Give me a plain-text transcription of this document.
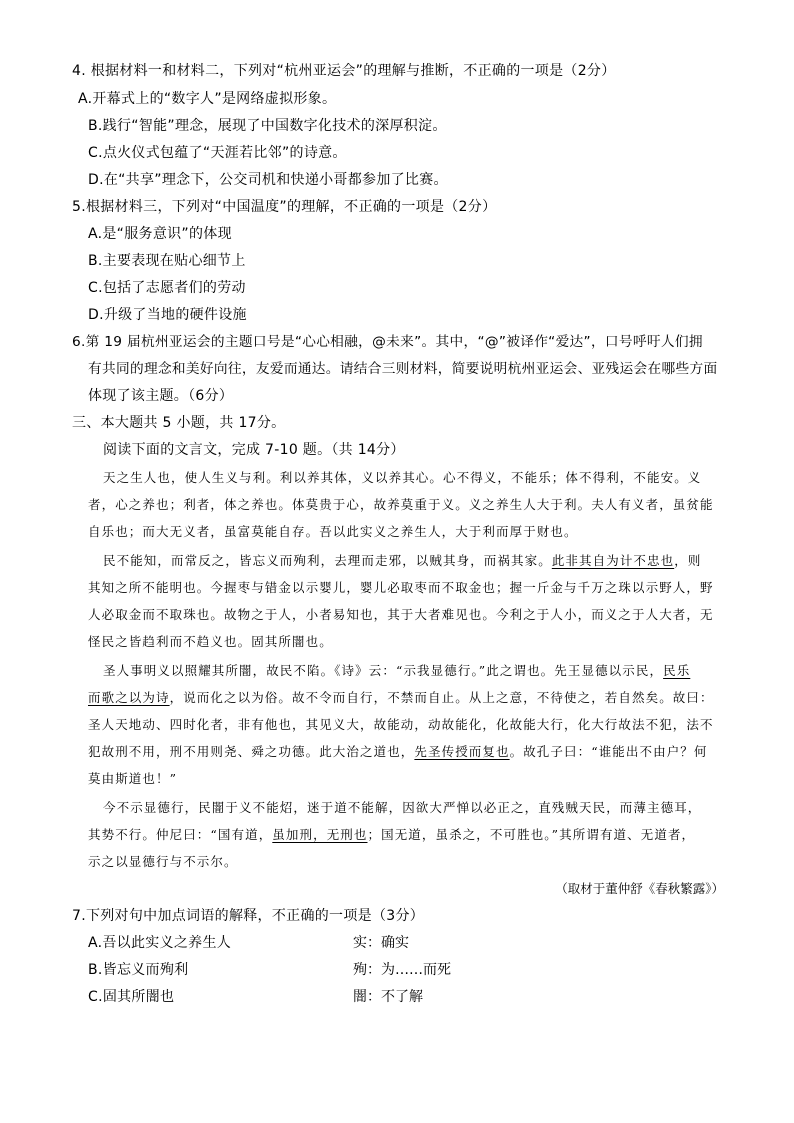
4. 根据材料一和材料二，下列对“杭州亚运会”的理解与推断，不正确的一项是（2分）
A.开幕式上的“数字人”是网络虚拟形象。
B.践行“智能”理念，展现了中国数字化技术的深厚积淀。
C.点火仪式包蕴了“天涯若比邻”的诗意。
D.在“共享”理念下，公交司机和快递小哥都参加了比赛。
5.根据材料三，下列对“中国温度”的理解，不正确的一项是（2分）
A.是“服务意识”的体现
B.主要表现在贴心细节上
C.包括了志愿者们的劳动
D.升级了当地的硬件设施
6.第 19 届杭州亚运会的主题口号是“心心相融，@未来”。其中，“@”被译作“爱达”，口号呼吁人们拥
有共同的理念和美好向往，友爱而通达。请结合三则材料，简要说明杭州亚运会、亚残运会在哪些方面
体现了该主题。（6分）
三、本大题共 5 小题，共 17分。
阅读下面的文言文，完成 7-10 题。（共 14分）
天之生人也，使人生义与利。利以养其体，义以养其心。心不得义，不能乐；体不得利，不能安。义
者，心之养也；利者，体之养也。体莫贵于心，故养莫重于义。义之养生人大于利。夫人有义者，虽贫能
自乐也；而大无义者，虽富莫能自存。吾以此实义之养生人，大于利而厚于财也。
民不能知，而常反之，皆忘义而殉利，去理而走邪，以贼其身，而祸其家。此非其自为计不忠也，则
其知之所不能明也。今握枣与错金以示婴儿，婴儿必取枣而不取金也；握一斤金与千万之珠以示野人，野
人必取金而不取珠也。故物之于人，小者易知也，其于大者难见也。今利之于人小，而义之于人大者，无
怪民之皆趋利而不趋义也。固其所闇也。
圣人事明义以照耀其所闇，故民不陷。《诗》云：“示我显德行。”此之谓也。先王显德以示民，民乐
而歌之以为诗，说而化之以为俗。故不令而自行，不禁而自止。从上之意，不待使之，若自然矣。故曰：
圣人天地动、四时化者，非有他也，其见义大，故能动，动故能化，化故能大行，化大行故法不犯，法不
犯故刑不用，刑不用则尧、舜之功德。此大治之道也，先圣传授而复也。故孔子曰：“谁能出不由户？何
莫由斯道也！”
今不示显德行，民闇于义不能炤，迷于道不能解，因欲大严惮以必正之，直残贼天民，而薄主德耳，
其势不行。仲尼曰：“国有道，虽加刑，无刑也；国无道，虽杀之，不可胜也。”其所谓有道、无道者，
示之以显德行与不示尔。
（取材于董仲舒《春秋繁露》）
7.下列对句中加点词语的解释，不正确的一项是（3分）
A.吾以此实义之养生人	实：确实
B.皆忘义而殉利	殉：为……而死
C.固其所闇也	闇：不了解
